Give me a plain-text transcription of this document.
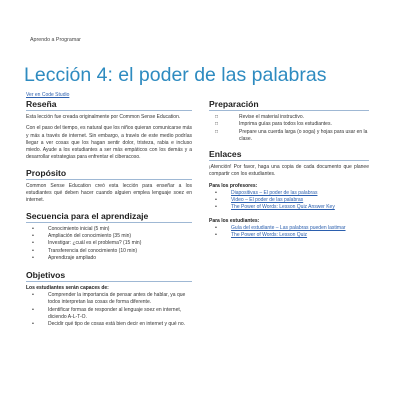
Aprendo a Programar
Lección 4: el poder de las palabras
Ver en Code Studio
Reseña

Esta lección fue creada originalmente por Common Sense Education.

Con el paso del tiempo, es natural que los niños quieran comunicarse más y más a través de internet. Sin embargo, a través de este medio podrías llegar a ver cosas que los hagan sentir dolor, tristeza, rabia e incluso miedo. Ayude a los estudiantes a ser más empáticos con los demás y a desarrollar estrategias para enfrentar el ciberacoso.

Propósito

Common Sense Education creó esta lección para enseñar a los estudiantes qué deben hacer cuando alguien emplea lenguaje soez en internet.

Secuencia para el aprendizaje
• Conocimiento inicial (5 min)
• Ampliación del conocimiento (35 min)
• Investigar: ¿cuál es el problema? (15 min)
• Transferencia del conocimiento (10 min)
• Aprendizaje ampliado
Objetivos
Los estudiantes serán capaces de:
• Comprender la importancia de pensar antes de hablar, ya que todos interpretan las cosas de forma diferente.
• Identificar formas de responder al lenguaje soez en internet, diciendo A-L-T-O.
• Decidir qué tipo de cosas está bien decir en internet y qué no.
Preparación
□ Revise el material instructivo.
□ Imprima guías para todos los estudiantes.
□ Prepare una cuerda larga (o soga) y hojas para usar en la clase.
Enlaces

¡Atención! Por favor, haga una copia de cada documento que planee compartir con los estudiantes.

Para los profesores:
• Diapositivas – El poder de las palabras
• Video – El poder de las palabras
• The Power of Words: Lesson Quiz Answer Key
Para los estudiantes:
• Guía del estudiante – Las palabras pueden lastimar
• The Power of Words: Lesson Quiz
